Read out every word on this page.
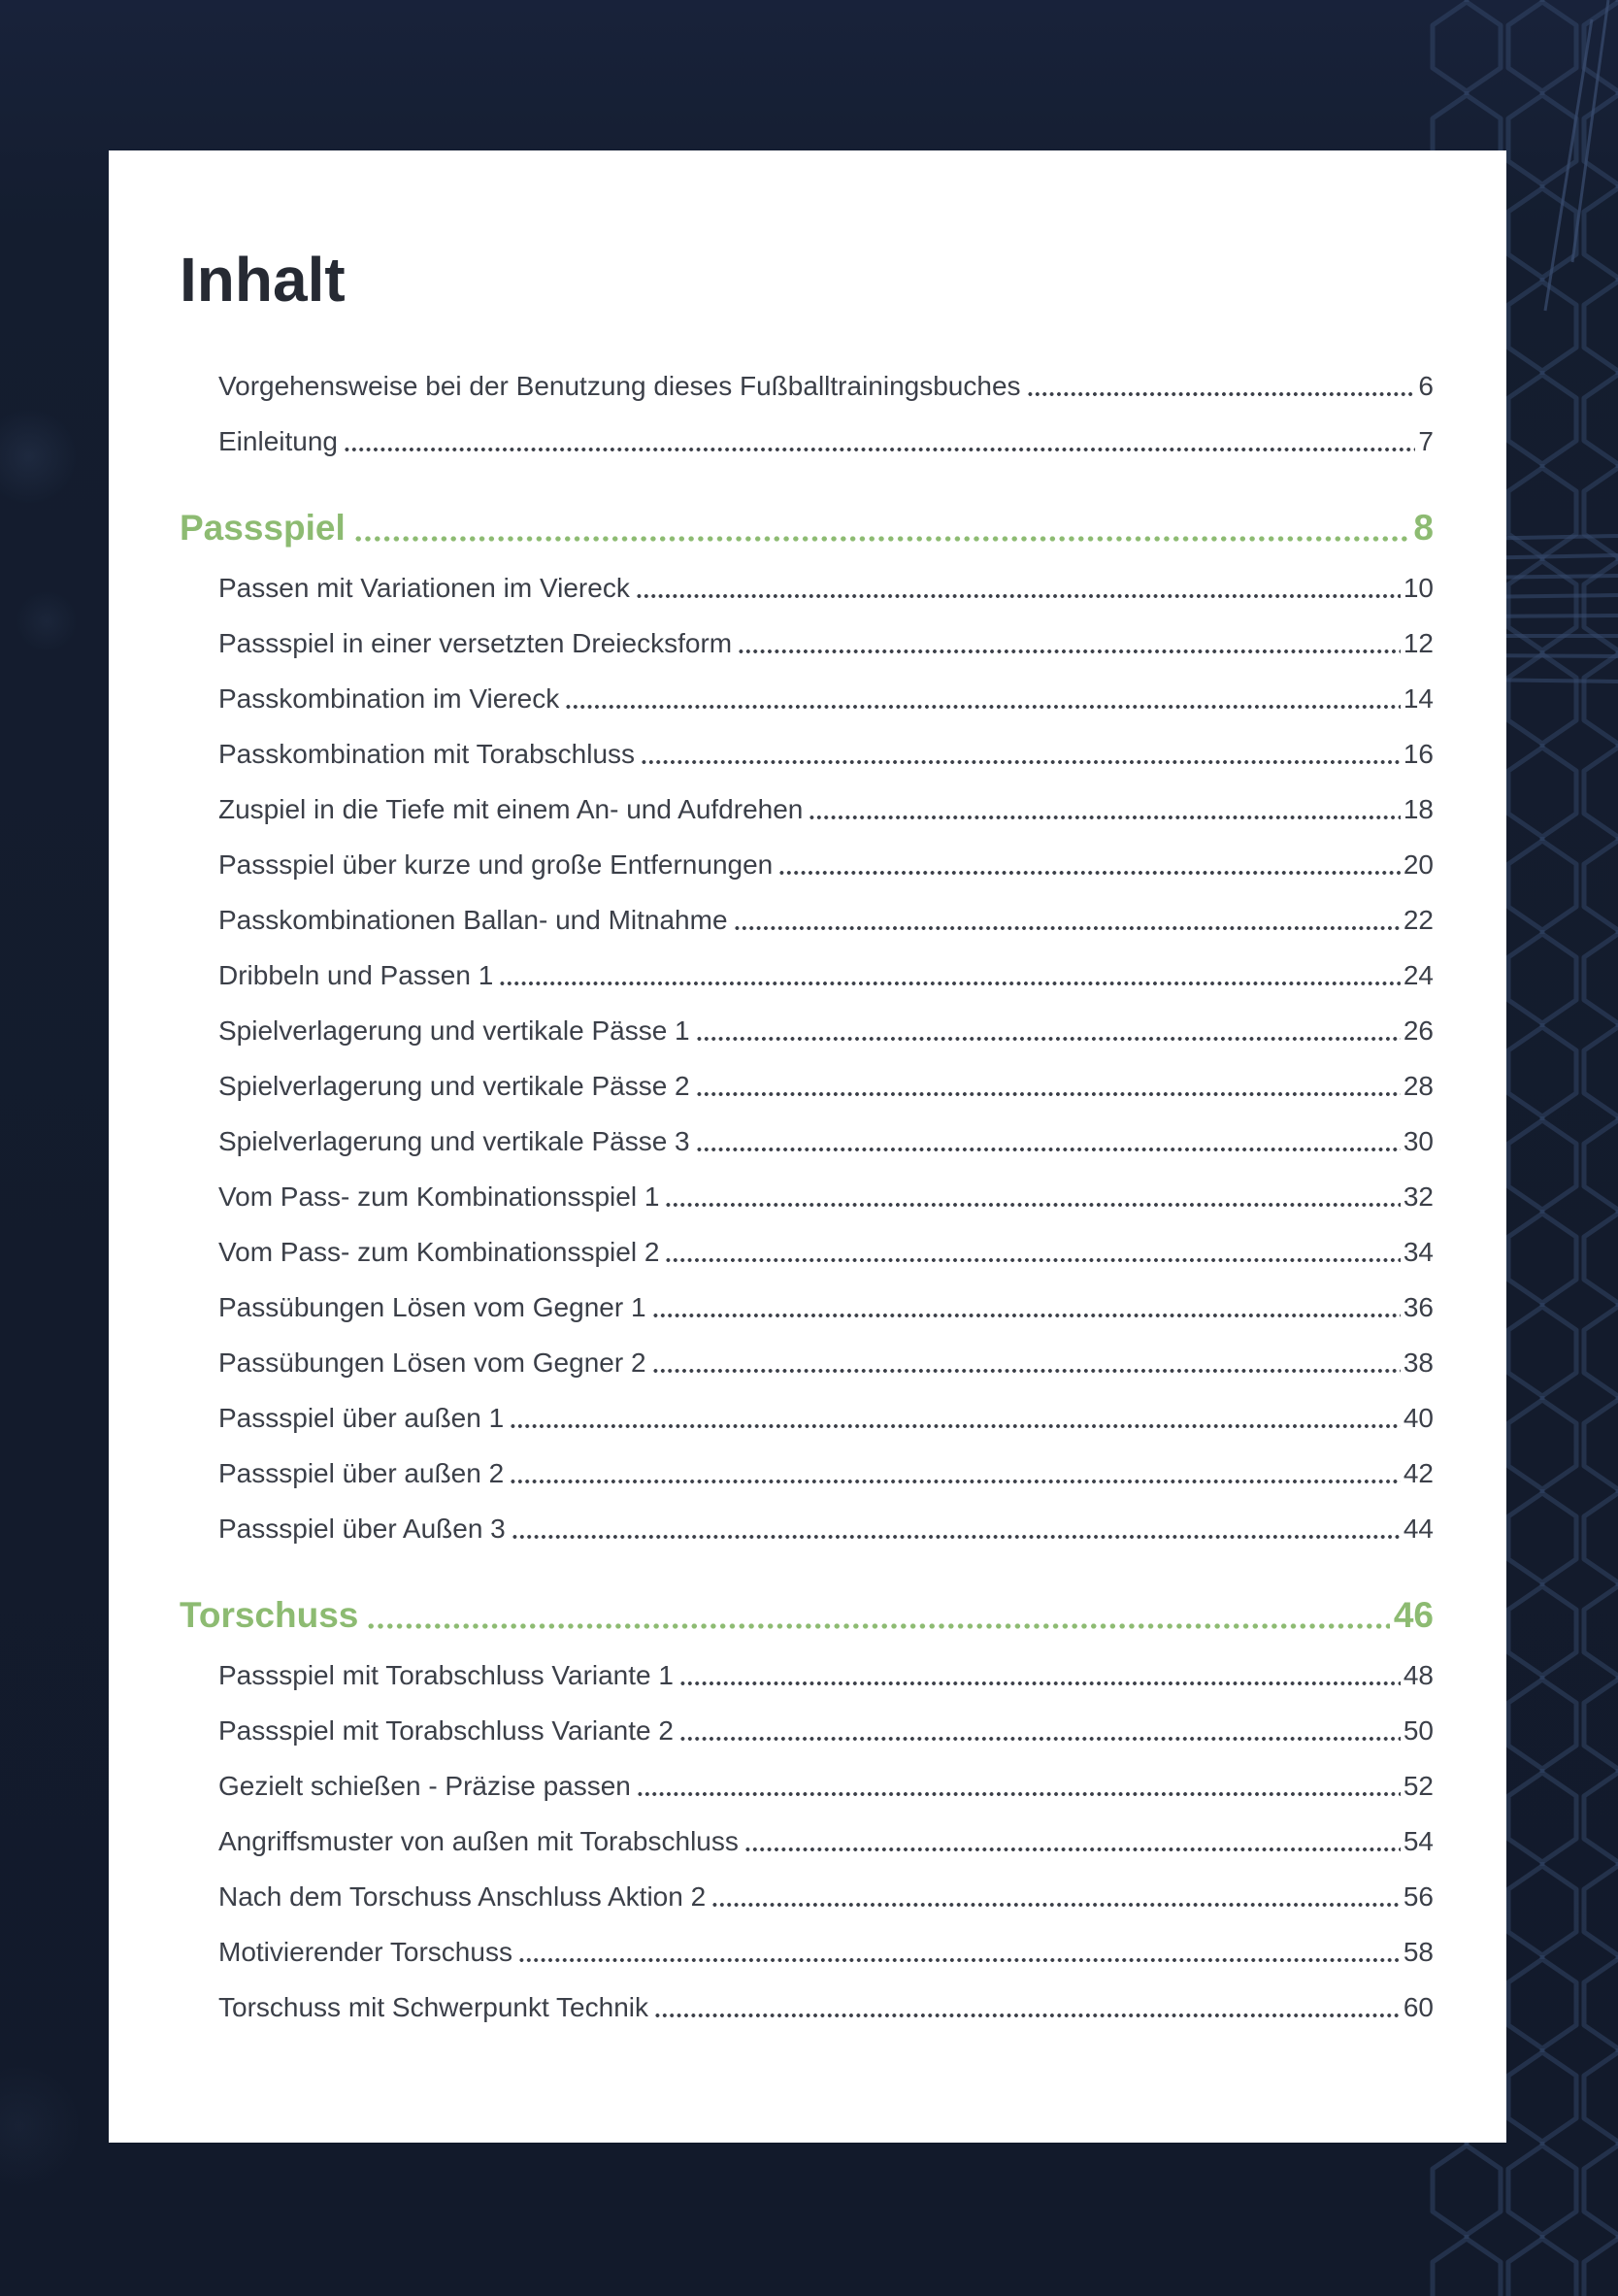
Inhalt
Vorgehensweise bei der Benutzung dieses Fußballtrainingsbuches	6
Einleitung	7
Passspiel	8
Passen mit Variationen im Viereck	10
Passspiel in einer versetzten Dreiecksform	12
Passkombination im Viereck	14
Passkombination mit Torabschluss	16
Zuspiel in die Tiefe mit einem An- und Aufdrehen	18
Passspiel über kurze und große Entfernungen	20
Passkombinationen Ballan- und Mitnahme	22
Dribbeln und Passen 1	24
Spielverlagerung und vertikale Pässe 1	26
Spielverlagerung und vertikale Pässe 2	28
Spielverlagerung und vertikale Pässe 3	30
Vom Pass- zum Kombinationsspiel 1	32
Vom Pass- zum Kombinationsspiel 2	34
Passübungen Lösen vom Gegner 1	36
Passübungen Lösen vom Gegner 2	38
Passspiel über außen 1	40
Passspiel über außen 2	42
Passspiel über Außen 3	44
Torschuss	46
Passspiel mit Torabschluss Variante 1	48
Passspiel mit Torabschluss Variante 2	50
Gezielt schießen - Präzise passen	52
Angriffsmuster von außen mit Torabschluss	54
Nach dem Torschuss Anschluss Aktion 2	56
Motivierender Torschuss	58
Torschuss mit Schwerpunkt Technik	60
